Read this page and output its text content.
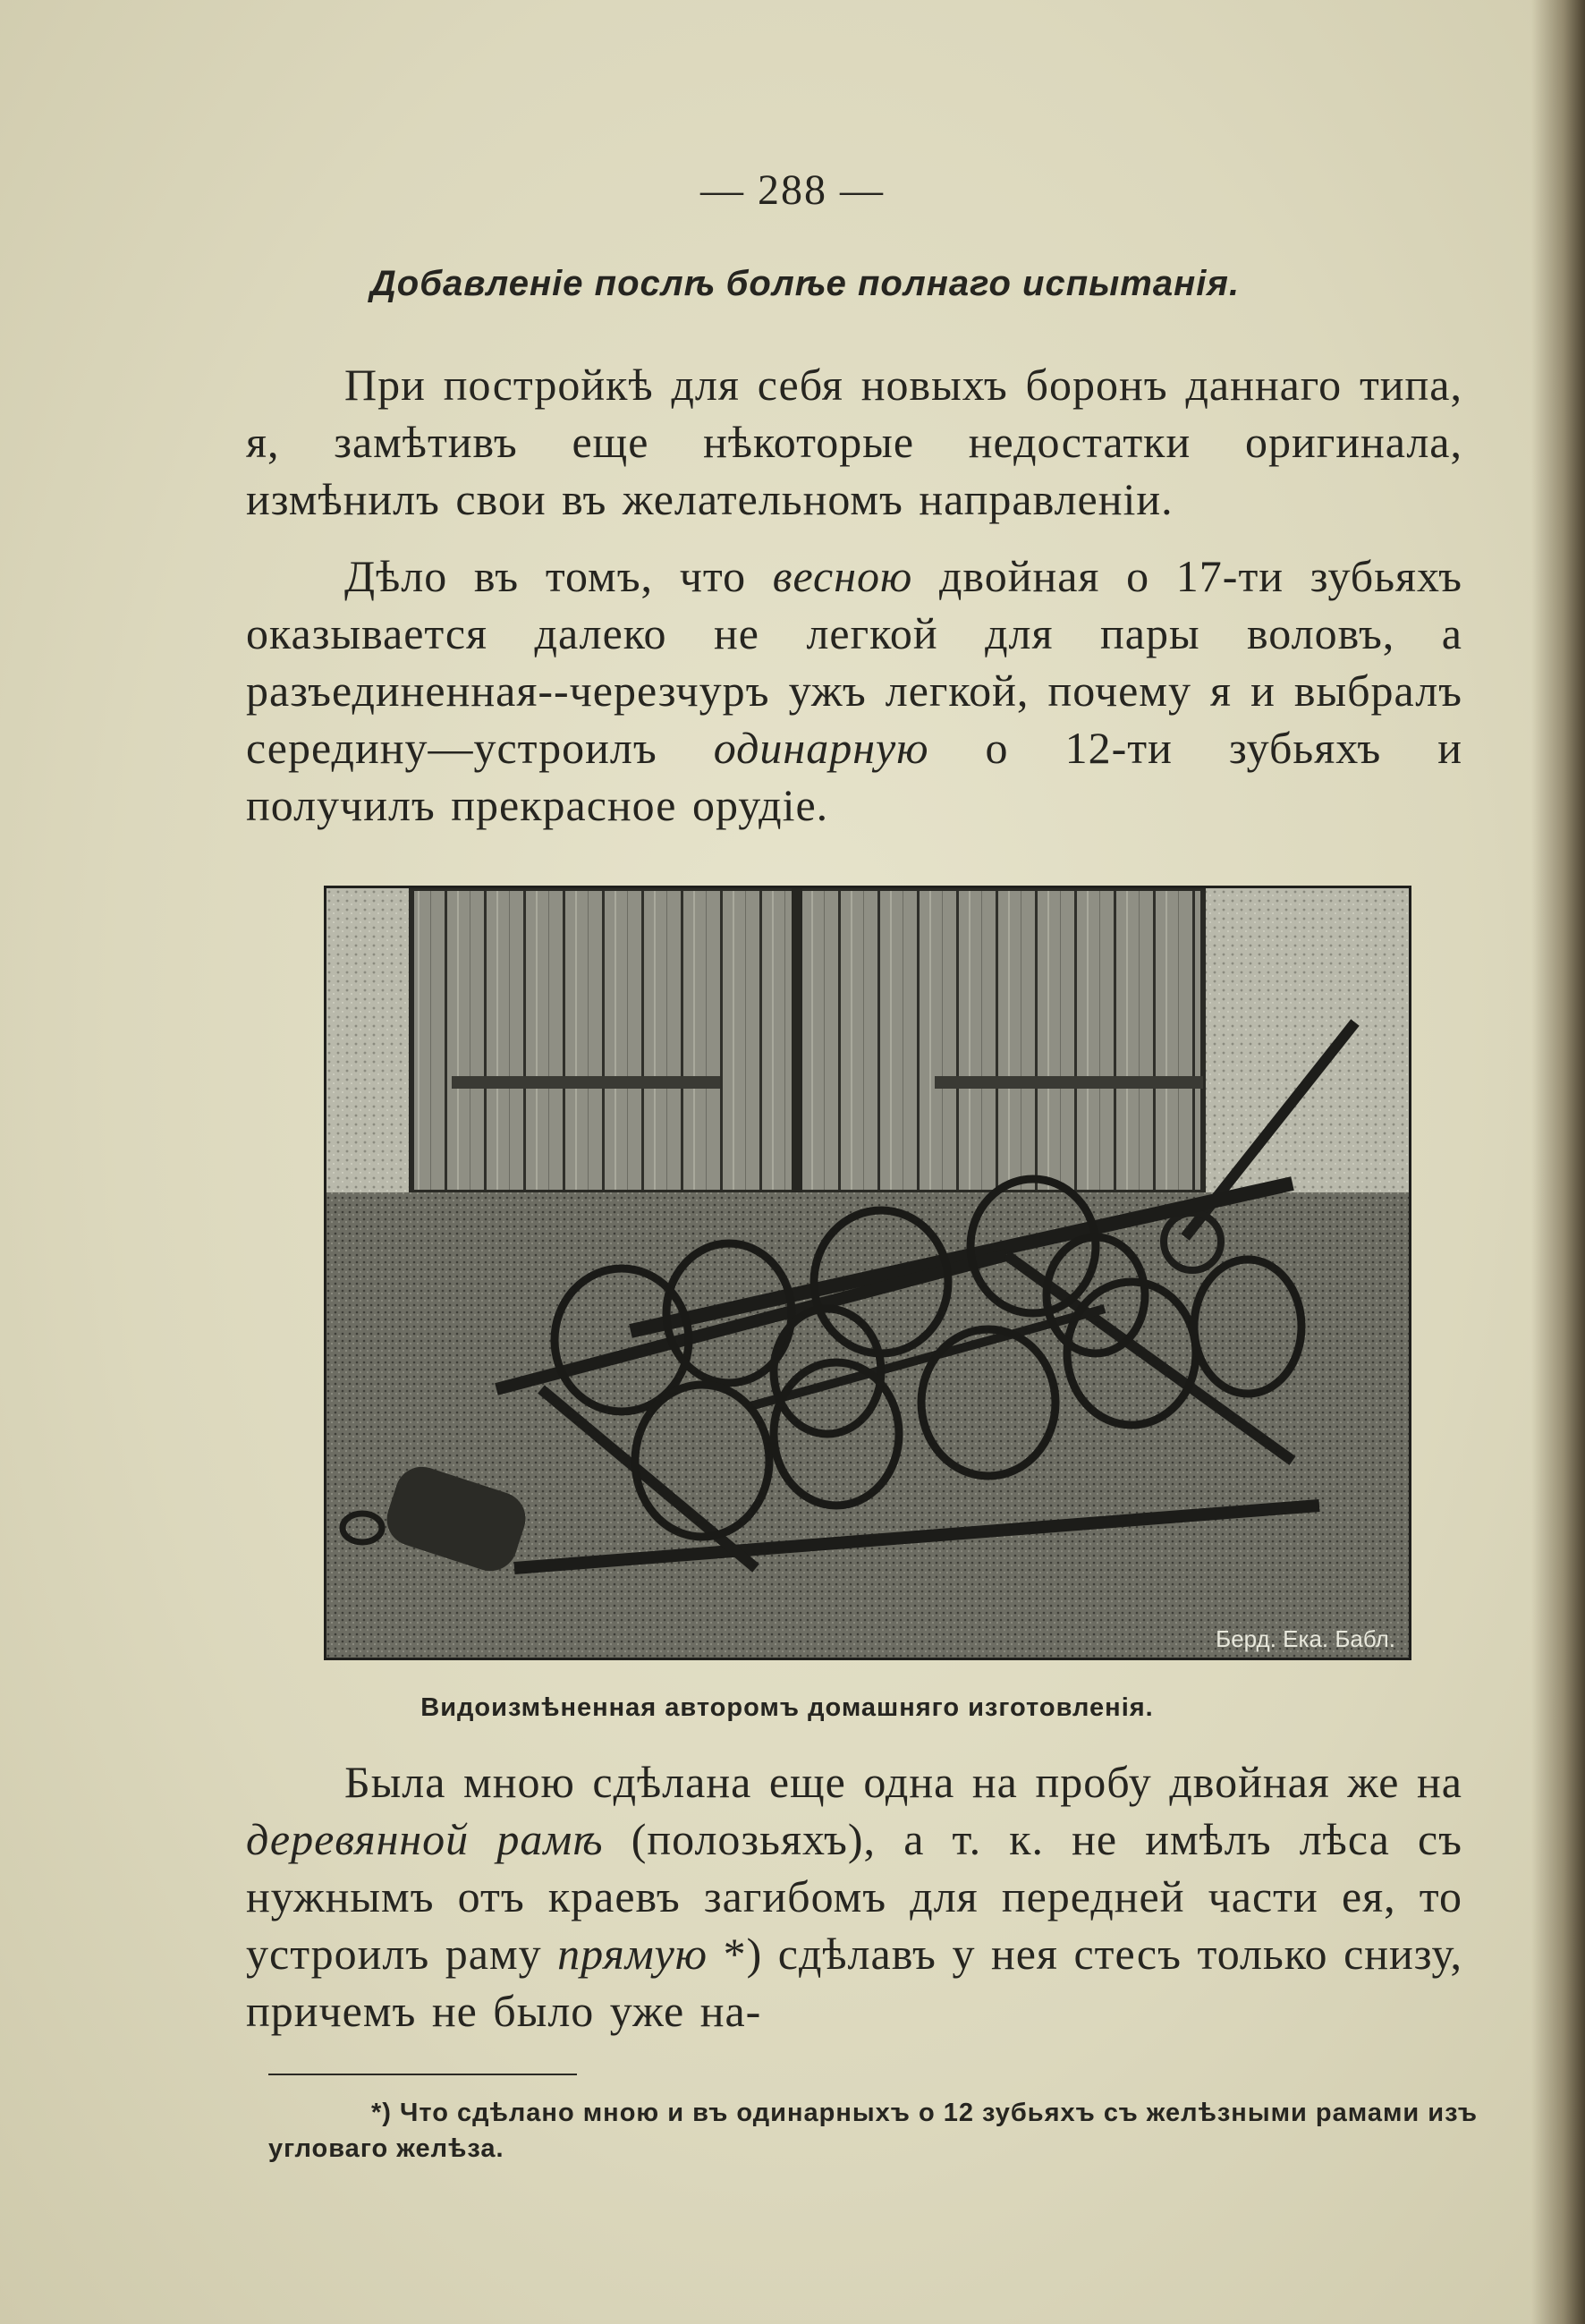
— 288 —
Добавленіе послѣ болѣе полнаго испытанія.

При постройкѣ для себя новыхъ боронъ даннаго типа, я, замѣтивъ еще нѣкоторые недостатки оригинала, измѣнилъ свои въ желательномъ направленіи.

Дѣло въ томъ, что весною двойная о 17-ти зубьяхъ оказывается далеко не легкой для пары воловъ, а разъединенная--черезчуръ ужъ легкой, почему я и выбралъ середину—устроилъ одинарную о 12-ти зубьяхъ и получилъ прекрасное орудіе.

Берд. Ека. Бабл.
Видоизмѣненная авторомъ домашняго изготовленія.

Была мною сдѣлана еще одна на пробу двойная же на деревянной рамѣ (полозьяхъ), а т. к. не имѣлъ лѣса съ нужнымъ отъ краевъ загибомъ для передней части ея, то устроилъ раму прямую *) сдѣлавъ у нея стесъ только снизу, причемъ не было уже на-

*) Что сдѣлано мною и въ одинарныхъ о 12 зубьяхъ съ желѣзными рамами изъ угловаго желѣза.
